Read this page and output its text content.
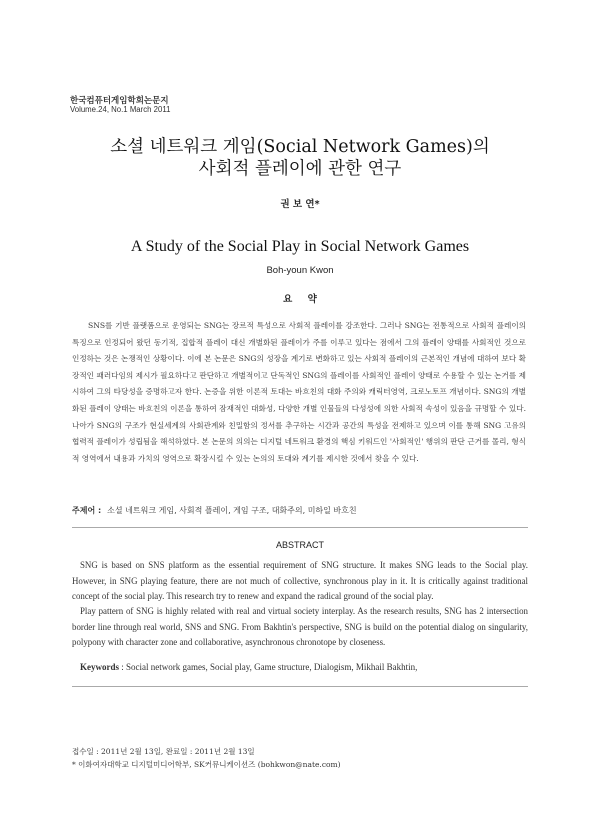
한국컴퓨터게임학회논문지
Volume.24, No.1 March 2011
소셜 네트워크 게임(Social Network Games)의
사회적 플레이에 관한 연구
권 보 연*
A Study of the Social Play in Social Network Games
Boh-youn Kwon
요 약

SNS를 기반 플랫폼으로 운영되는 SNG는 장르적 특성으로 사회적 플레이를 강조한다. 그러나 SNG는 전통적으로 사회적 플레이의 특징으로 인정되어 왔던 동기적, 집합적 플레이 대신 개별화된 플레이가 주를 이루고 있다는 점에서 그의 플레이 양태를 사회적인 것으로 인정하는 것은 논쟁적인 상황이다. 이에 본 논문은 SNG의 성장을 계기로 변화하고 있는 사회적 플레이의 근본적인 개념에 대하여 보다 확장적인 패러다임의 제시가 필요하다고 판단하고 개별적이고 단독적인 SNG의 플레이를 사회적인 플레이 양태로 수용할 수 있는 논거를 제시하여 그의 타당성을 증명하고자 한다. 논증을 위한 이론적 토대는 바흐친의 대화 주의와 캐릭터영역, 크로노토프 개념이다. SNG의 개별화된 플레이 양태는 바흐친의 이론을 통하여 잠재적인 대화성, 다양한 개별 인물들의 다성성에 의한 사회적 속성이 있음을 규명할 수 있다. 나아가 SNG의 구조가 현실세계의 사회관계와 친밀함의 정서를 추구하는 시간과 공간의 특성을 전제하고 있으며 이를 통해 SNG 고유의 협력적 플레이가 성립됨을 해석하였다. 본 논문의 의의는 디지털 네트워크 환경의 핵심 키워드인 '사회적인' 행위의 판단 근거를 몰리, 형식적 영역에서 내용과 가치의 영역으로 확장시킬 수 있는 논의의 토대와 계기를 제시한 것에서 찾을 수 있다.

주제어 : 소셜 네트워크 게임, 사회적 플레이, 게임 구조, 대화주의, 미하일 바흐친
ABSTRACT

SNG is based on SNS platform as the essential requirement of SNG structure. It makes SNG leads to the Social play. However, in SNG playing feature, there are not much of collective, synchronous play in it. It is critically against traditional concept of the social play. This research try to renew and expand the radical ground of the social play.

Play pattern of SNG is highly related with real and virtual society interplay. As the research results, SNG has 2 intersection border line through real world, SNS and SNG. From Bakhtin's perspective, SNG is build on the potential dialog on singularity, polypony with character zone and collaborative, asynchronous chronotope by closeness.

Keywords : Social network games, Social play, Game structure, Dialogism, Mikhail Bakhtin,
접수일 : 2011년 2월 13일, 완료일 : 2011년 2월 13일
* 이화여자대학교 디지털미디어학부, SK커뮤니케이션즈 (bohkwon@nate.com)
